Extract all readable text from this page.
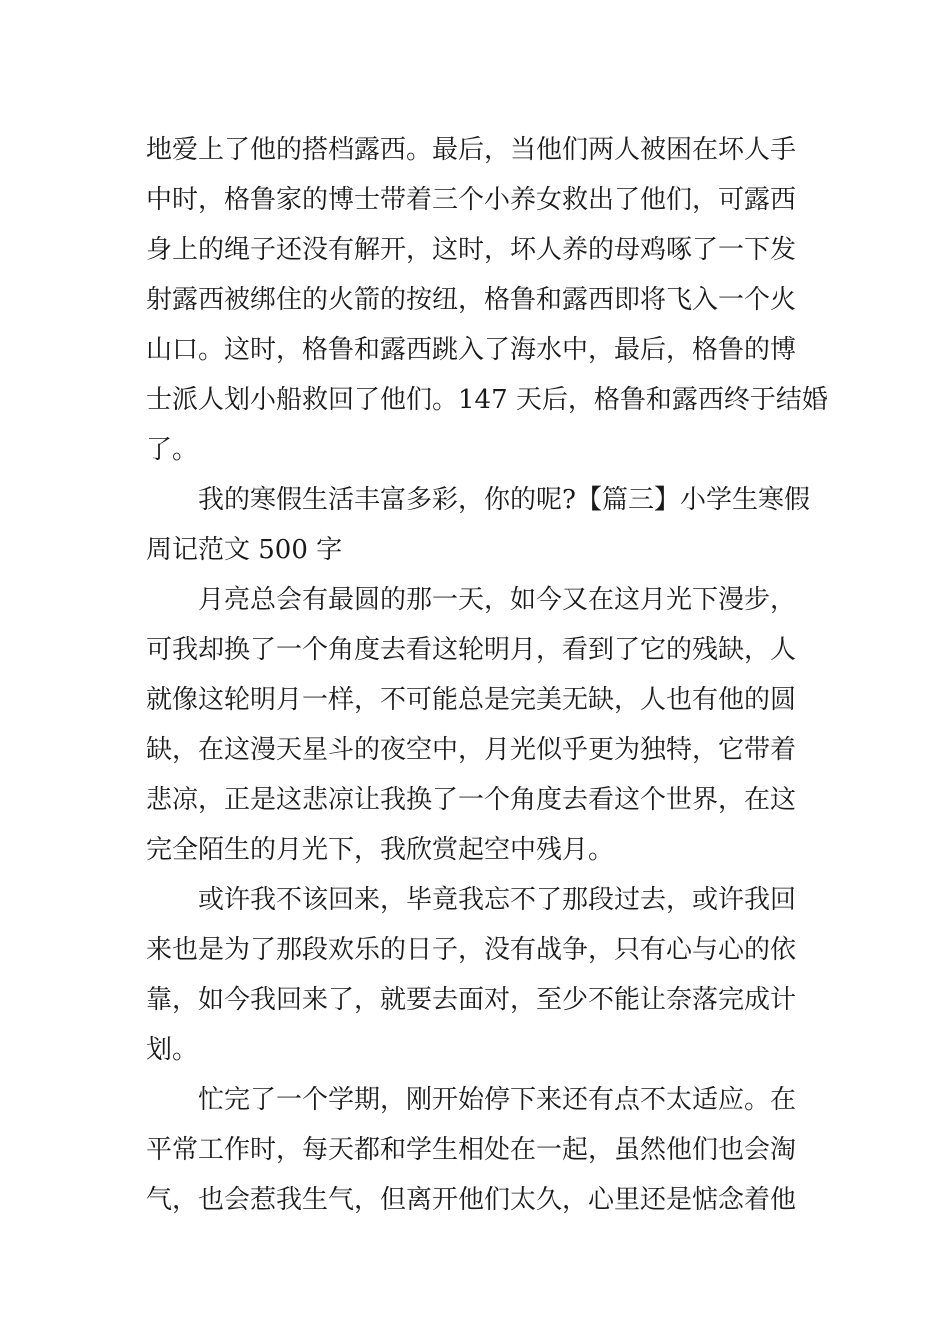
地爱上了他的搭档露西。最后，当他们两人被困在坏人手
中时，格鲁家的博士带着三个小养女救出了他们，可露西
身上的绳子还没有解开，这时，坏人养的母鸡啄了一下发
射露西被绑住的火箭的按纽，格鲁和露西即将飞入一个火
山口。这时，格鲁和露西跳入了海水中，最后，格鲁的博
士派人划小船救回了他们。147 天后，格鲁和露西终于结婚
了。
我的寒假生活丰富多彩，你的呢?【篇三】小学生寒假
周记范文 500 字
月亮总会有最圆的那一天，如今又在这月光下漫步，
可我却换了一个角度去看这轮明月，看到了它的残缺，人
就像这轮明月一样，不可能总是完美无缺，人也有他的圆
缺，在这漫天星斗的夜空中，月光似乎更为独特，它带着
悲凉，正是这悲凉让我换了一个角度去看这个世界，在这
完全陌生的月光下，我欣赏起空中残月。
或许我不该回来，毕竟我忘不了那段过去，或许我回
来也是为了那段欢乐的日子，没有战争，只有心与心的依
靠，如今我回来了，就要去面对，至少不能让奈落完成计
划。
忙完了一个学期，刚开始停下来还有点不太适应。在
平常工作时，每天都和学生相处在一起，虽然他们也会淘
气，也会惹我生气，但离开他们太久，心里还是惦念着他
